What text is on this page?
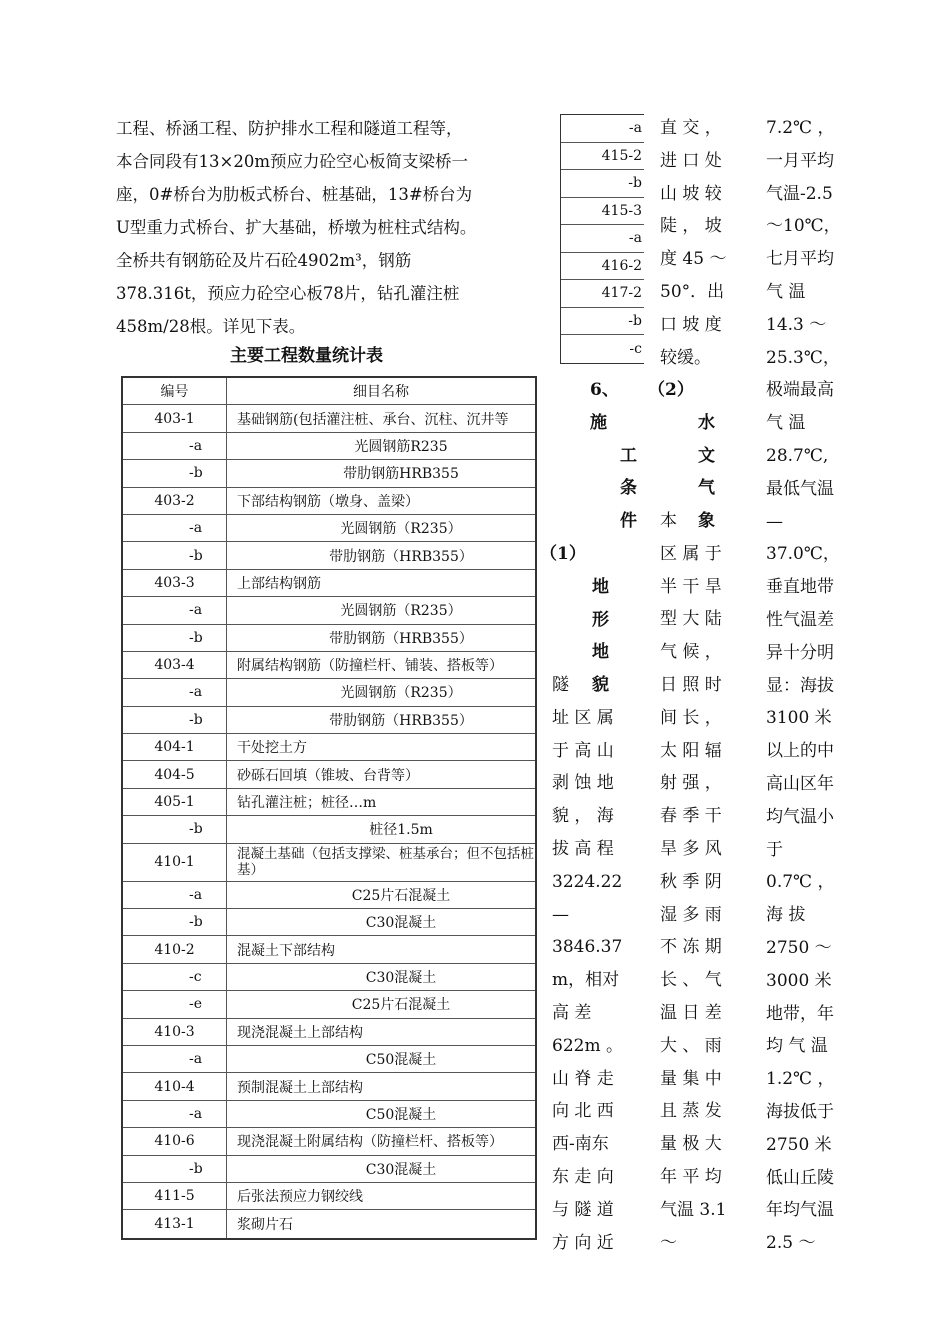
工程、桥涵工程、防护排水工程和隧道工程等，
本合同段有13×20m预应力砼空心板简支梁桥一
座，0#桥台为肋板式桥台、桩基础，13#桥台为
U型重力式桥台、扩大基础，桥墩为桩柱式结构。
全桥共有钢筋砼及片石砼4902m³，钢筋
378.316t，预应力砼空心板78片，钻孔灌注桩
458m/28根。详见下表。
主要工程数量统计表
编号	细目名称
403-1	基础钢筋(包括灌注桩、承台、沉柱、沉井等
-a	光圆钢筋R235
-b	带肋钢筋HRB355
403-2	下部结构钢筋（墩身、盖梁）
-a	光圆钢筋（R235）
-b	带肋钢筋（HRB355）
403-3	上部结构钢筋
-a	光圆钢筋（R235）
-b	带肋钢筋（HRB355）
403-4	附属结构钢筋（防撞栏杆、铺装、搭板等）
-a	光圆钢筋（R235）
-b	带肋钢筋（HRB355）
404-1	干处挖土方
404-5	砂砾石回填（锥坡、台背等）
405-1	钻孔灌注桩；桩径…m
-b	桩径1.5m
410-1	混凝土基础（包括支撑梁、桩基承台；但不包括桩基）
-a	C25片石混凝土
-b	C30混凝土
410-2	混凝土下部结构
-c	C30混凝土
-e	C25片石混凝土
410-3	现浇混凝土上部结构
-a	C50混凝土
410-4	预制混凝土上部结构
-a	C50混凝土
410-6	现浇混凝土附属结构（防撞栏杆、搭板等）
-b	C30混凝土
411-5	后张法预应力钢绞线
413-1	浆砌片石
-a
415-2
-b
415-3
-a
416-2
417-2
-b
-c
直 交 ，
进 口 处
山 坡 较
陡 ， 坡
度 45 ～
50°．出
口 坡 度
较缓。
7.2℃ ，
一月平均
气温-2.5
～10℃，
七月平均
气 温
14.3 ～
25.3℃，
极端最高
气 温
28.7℃,
最低气温
—
37.0℃，
垂直地带
性气温差
异十分明
显：海拔
3100 米
以上的中
高山区年
均气温小
于
0.7℃ ，
海 拔
2750 ～
3000 米
地带，年
均 气 温
1.2℃ ，
海拔低于
2750 米
低山丘陵
年均气温
2.5 ～
6、
施
工
条
件
（2）
水
文
气
象
（1）
地
形
地
貌
隧
址 区 属
于 高 山
剥 蚀 地
貌 ， 海
拔 高 程
3224.22
—
3846.37
m，相对
高 差
622m 。
山 脊 走
向 北 西
西-南东
东 走 向
与 隧 道
方 向 近
本
区 属 于
半 干 旱
型 大 陆
气 候 ，
日 照 时
间 长 ，
太 阳 辐
射 强 ，
春 季 干
旱 多 风
秋 季 阴
湿 多 雨
不 冻 期
长 、 气
温 日 差
大 、 雨
量 集 中
且 蒸 发
量 极 大
年 平 均
气温 3.1
～
